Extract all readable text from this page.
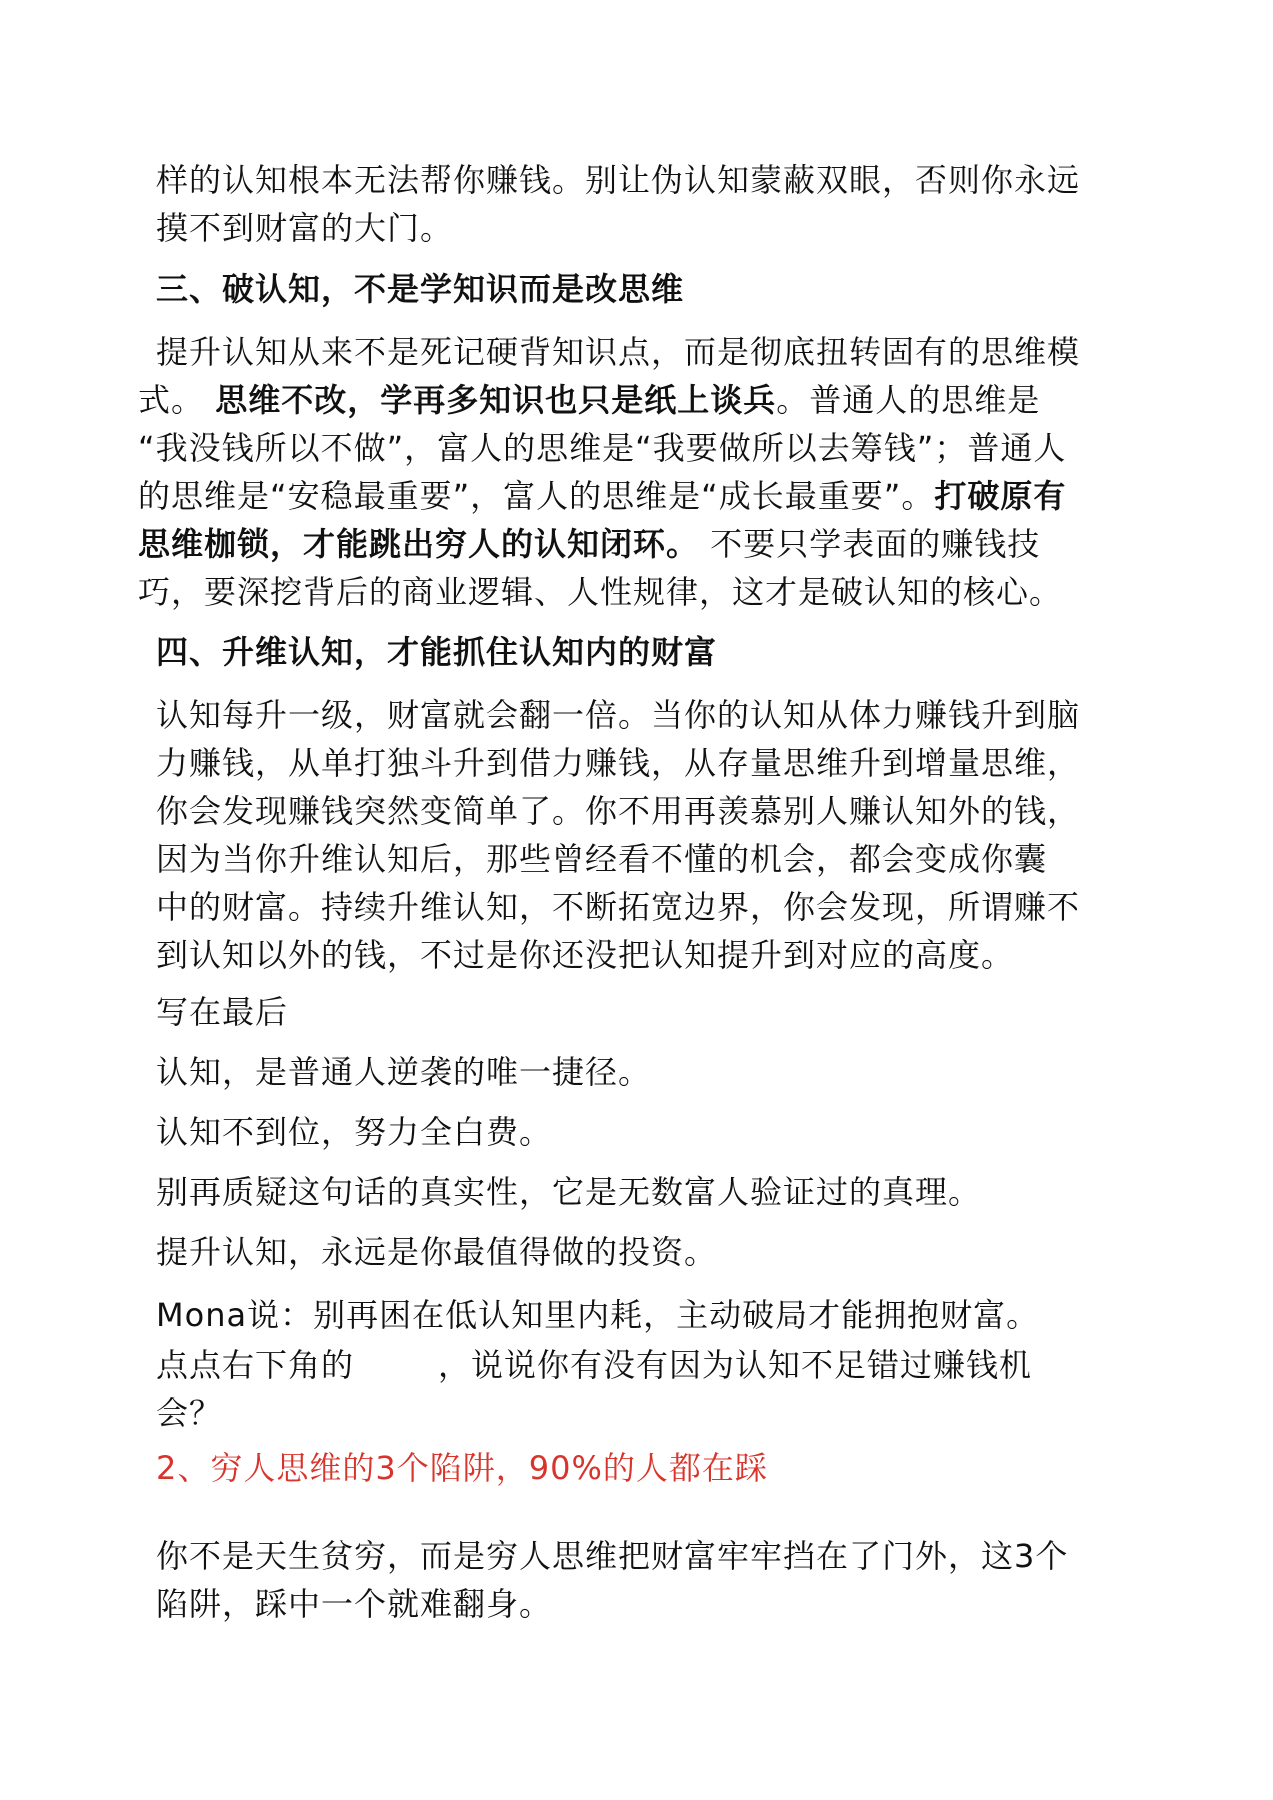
样的认知根本无法帮你赚钱。别让伪认知蒙蔽双眼，否则你永远
摸不到财富的大门。
三、破认知，不是学知识而是改思维
提升认知从来不是死记硬背知识点，而是彻底扭转固有的思维模
式。 思维不改，学再多知识也只是纸上谈兵。普通人的思维是
“我没钱所以不做”，富人的思维是“我要做所以去筹钱”；普通人
的思维是“安稳最重要”，富人的思维是“成长最重要”。打破原有
思维枷锁，才能跳出穷人的认知闭环。 不要只学表面的赚钱技
巧，要深挖背后的商业逻辑、人性规律，这才是破认知的核心。
四、升维认知，才能抓住认知内的财富
认知每升一级，财富就会翻一倍。当你的认知从体力赚钱升到脑
力赚钱，从单打独斗升到借力赚钱，从存量思维升到增量思维，
你会发现赚钱突然变简单了。你不用再羡慕别人赚认知外的钱，
因为当你升维认知后，那些曾经看不懂的机会，都会变成你囊
中的财富。持续升维认知，不断拓宽边界，你会发现，所谓赚不
到认知以外的钱，不过是你还没把认知提升到对应的高度。
写在最后
认知，是普通人逆袭的唯一捷径。
认知不到位，努力全白费。
别再质疑这句话的真实性，它是无数富人验证过的真理。
提升认知，永远是你最值得做的投资。
Mona说：别再困在低认知里内耗，主动破局才能拥抱财富。
点点右下角的	，说说你有没有因为认知不足错过赚钱机
会？
2、穷人思维的3个陷阱，90%的人都在踩
你不是天生贫穷，而是穷人思维把财富牢牢挡在了门外，这3个
陷阱，踩中一个就难翻身。
